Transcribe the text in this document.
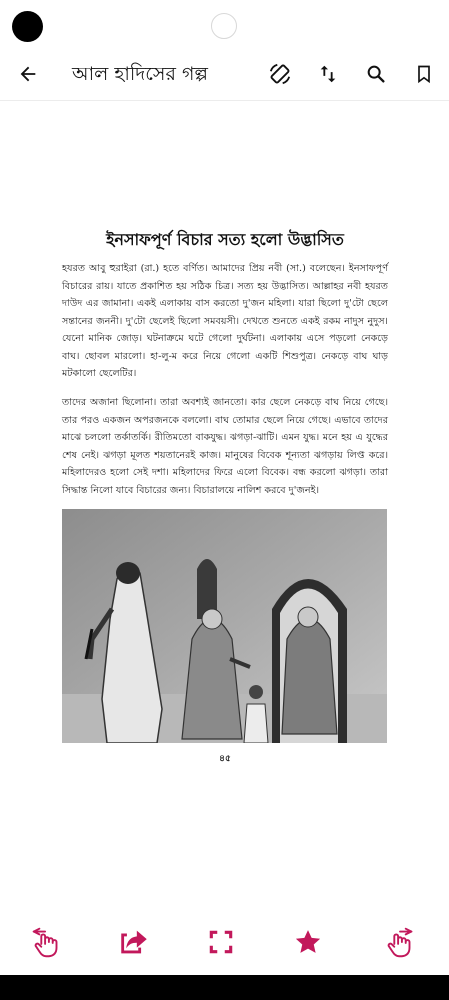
আল হাদিসের গল্প
ইনসাফপূর্ণ বিচার সত্য হলো উদ্ভাসিত
হযরত আবু হুরাইরা (রা.) হতে বর্ণিত। আমাদের প্রিয় নবী (সা.) বলেছেন। ইনসাফপূর্ণ বিচারের রায়। যাতে প্রকাশিত হয় সঠিক চিত্র। সত্য হয় উদ্ভাসিত। আল্লাহর নবী হযরত দাউদ এর জামানা। একই এলাকায় বাস করতো দু'জন মহিলা। যারা ছিলো দু'টো ছেলে সন্তানের জননী। দু'টো ছেলেই ছিলো সমবয়সী। দেখতে শুনতে একই রকম নাদুস নুদুস। যেনো মানিক জোড়। ঘটনাক্রমে ঘটে গেলো দুর্ঘটনা। এলাকায় এসে পড়লো নেকড়ে বাঘ। ছোবল মারলো। হা-লু-ম করে নিয়ে গেলো একটি শিশুপুত্র। নেকড়ে বাঘ ঘাড় মটকালো ছেলেটির।
তাদের অজানা ছিলোনা। তারা অবশ্যই জানতো। কার ছেলে নেকড়ে বাঘ নিয়ে গেছে। তার পরও একজন অপরজনকে বললো। বাঘ তোমার ছেলে নিয়ে গেছে। এভাবে তাদের মাঝে চললো তর্কাতর্কি। রীতিমতো বাকযুদ্ধ। ঝগড়া-ঝাটি। এমন যুদ্ধ। মনে হয় এ যুদ্ধের শেষ নেই। ঝগড়া মূলত শয়তানেরই কাজ। মানুষের বিবেক শূন্যতা ঝগড়ায় লিপ্ত করে। মহিলাদেরও হলো সেই দশা। মহিলাদের ফিরে এলো বিবেক। বন্ধ করলো ঝগড়া। তারা সিদ্ধান্ত নিলো যাবে বিচারের জন্য। বিচারালয়ে নালিশ করবে দু'জনই।
৪৫
